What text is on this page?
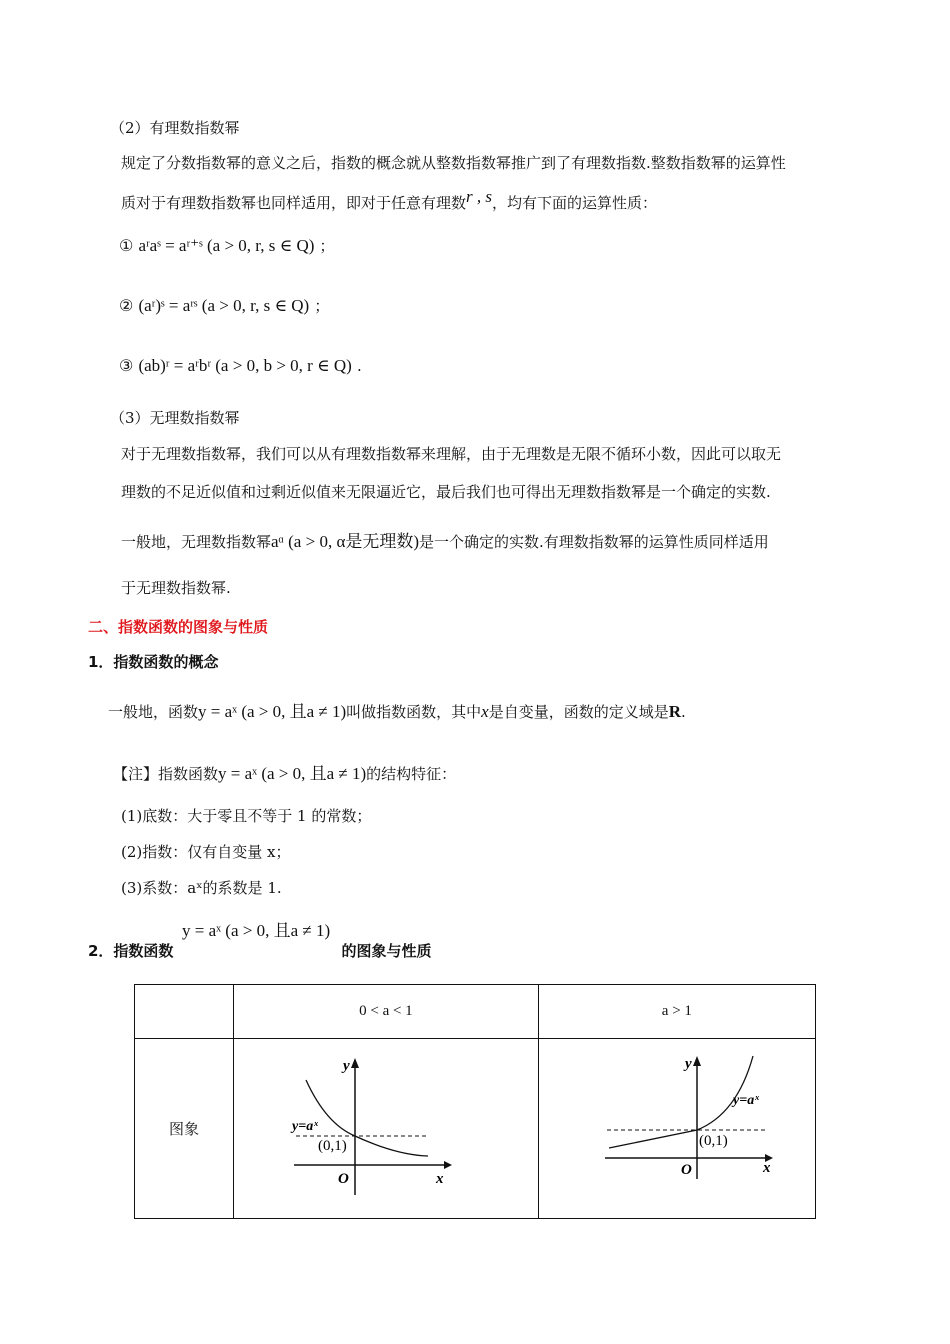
（2）有理数指数幂
规定了分数指数幂的意义之后，指数的概念就从整数指数幂推广到了有理数指数.整数指数幂的运算性
质对于有理数指数幂也同样适用，即对于任意有理数r , s，均有下面的运算性质：
① aʳaˢ = aʳ⁺ˢ (a > 0, r, s ∈ Q) ；
② (aʳ)ˢ = aʳˢ (a > 0, r, s ∈ Q) ；
③ (ab)ʳ = aʳbʳ (a > 0, b > 0, r ∈ Q) .
（3）无理数指数幂
对于无理数指数幂，我们可以从有理数指数幂来理解，由于无理数是无限不循环小数，因此可以取无
理数的不足近似值和过剩近似值来无限逼近它，最后我们也可得出无理数指数幂是一个确定的实数.
一般地，无理数指数幂aᵅ (a > 0, α是无理数)是一个确定的实数.有理数指数幂的运算性质同样适用
于无理数指数幂.
二、指数函数的图象与性质
1．指数函数的概念
一般地，函数y = aˣ (a > 0, 且a ≠ 1)叫做指数函数，其中x是自变量，函数的定义域是R.
【注】指数函数y = aˣ (a > 0, 且a ≠ 1)的结构特征：
(1)底数：大于零且不等于 1 的常数；
(2)指数：仅有自变量 x；
(3)系数：aˣ的系数是 1.
y = aˣ (a > 0, 且a ≠ 1)
2．指数函数	的图象与性质
	0 < a < 1	a > 1
图象	y
x
O
(0,1)
y=aˣ	y
x
O
(0,1)
y=aˣ
